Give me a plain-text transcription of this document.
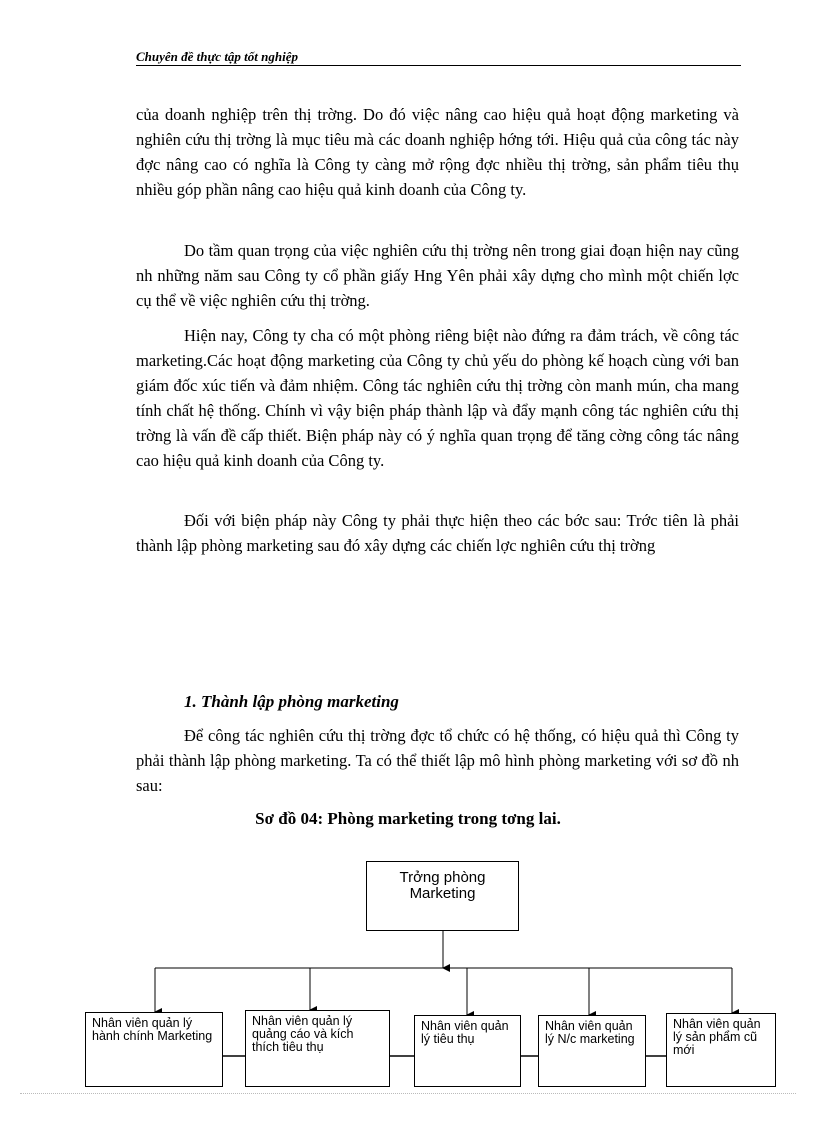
Chuyên đề thực tập tốt nghiệp

của doanh nghiệp trên thị trờng. Do đó việc nâng cao hiệu quả hoạt động marketing và nghiên cứu thị trờng là mục tiêu mà các doanh nghiệp hớng tới. Hiệu quả của công tác này đợc nâng cao có nghĩa là Công ty càng mở rộng đợc nhiều thị trờng, sản phẩm tiêu thụ nhiều góp phần nâng cao hiệu quả kinh doanh của Công ty.

Do tầm quan trọng của việc nghiên cứu thị trờng nên trong giai đoạn hiện nay cũng nh những năm sau Công ty cổ phần giấy Hng Yên phải xây dựng cho mình một chiến lợc cụ thể về việc nghiên cứu thị trờng.

Hiện nay, Công ty cha có một phòng riêng biệt nào đứng ra đảm trách, về công tác marketing.Các hoạt động marketing của Công ty chủ yếu do phòng kế hoạch cùng với ban giám đốc xúc tiến và đảm nhiệm. Công tác nghiên cứu thị trờng còn manh mún, cha mang tính chất hệ thống. Chính vì vậy biện pháp thành lập và đẩy mạnh công tác nghiên cứu thị trờng là vấn đề cấp thiết. Biện pháp này có ý nghĩa quan trọng để tăng cờng công tác nâng cao hiệu quả kinh doanh của Công ty.

Đối với biện pháp này Công ty phải thực hiện theo các bớc sau: Trớc tiên là phải thành lập phòng marketing sau đó xây dựng các chiến lợc nghiên cứu thị trờng

1. Thành lập phòng marketing

Để công tác nghiên cứu thị trờng đợc tổ chức có hệ thống, có hiệu quả thì Công ty phải thành lập phòng marketing. Ta có thể thiết lập mô hình phòng marketing với sơ đồ nh sau:

Sơ đồ 04: Phòng marketing trong tơng lai.
Trởng phòng
Marketing
Nhân viên quản lý hành chính Marketing
Nhân viên quản lý quảng cáo và kích thích tiêu thụ
Nhân viên quản lý tiêu thụ
Nhân viên quản lý N/c marketing
Nhân viên quản lý sản phẩm cũ mới
